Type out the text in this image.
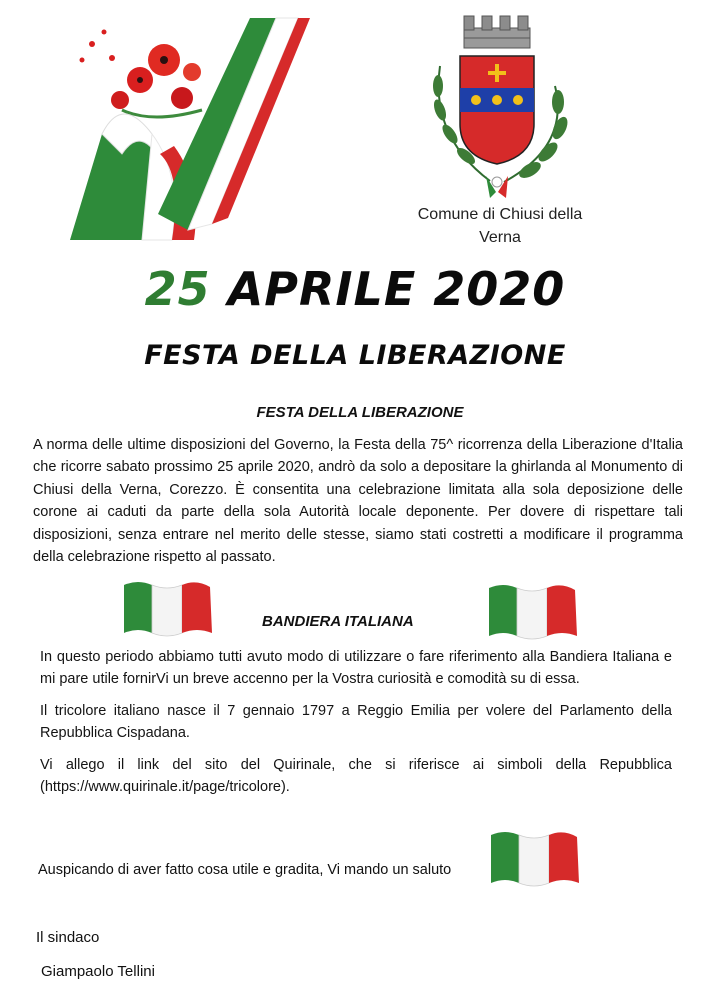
Comune di Chiusi della Verna
25 APRILE 2020
FESTA DELLA LIBERAZIONE
FESTA DELLA LIBERAZIONE
A norma delle ultime disposizioni del Governo, la Festa della 75^ ricorrenza della Liberazione d'Italia che ricorre sabato prossimo 25 aprile 2020, andrò da solo a depositare la ghirlanda al Monumento di Chiusi della Verna, Corezzo. È consentita una celebrazione limitata alla sola deposizione delle corone ai caduti da parte della sola Autorità locale deponente. Per dovere di rispettare tali disposizioni, senza entrare nel merito delle stesse, siamo stati costretti a modificare il programma della celebrazione rispetto al passato.
BANDIERA ITALIANA
In questo periodo abbiamo tutti avuto modo di utilizzare o fare riferimento alla Bandiera Italiana e mi pare utile fornirVi un breve accenno per la Vostra curiosità e comodità su di essa.
Il tricolore italiano nasce il 7 gennaio 1797 a Reggio Emilia per volere del Parlamento della Repubblica Cispadana.
Vi allego il link del sito del Quirinale, che si riferisce ai simboli della Repubblica (https://www.quirinale.it/page/tricolore).
Auspicando di aver fatto cosa utile e gradita, Vi mando un saluto
Il sindaco
Giampaolo Tellini
